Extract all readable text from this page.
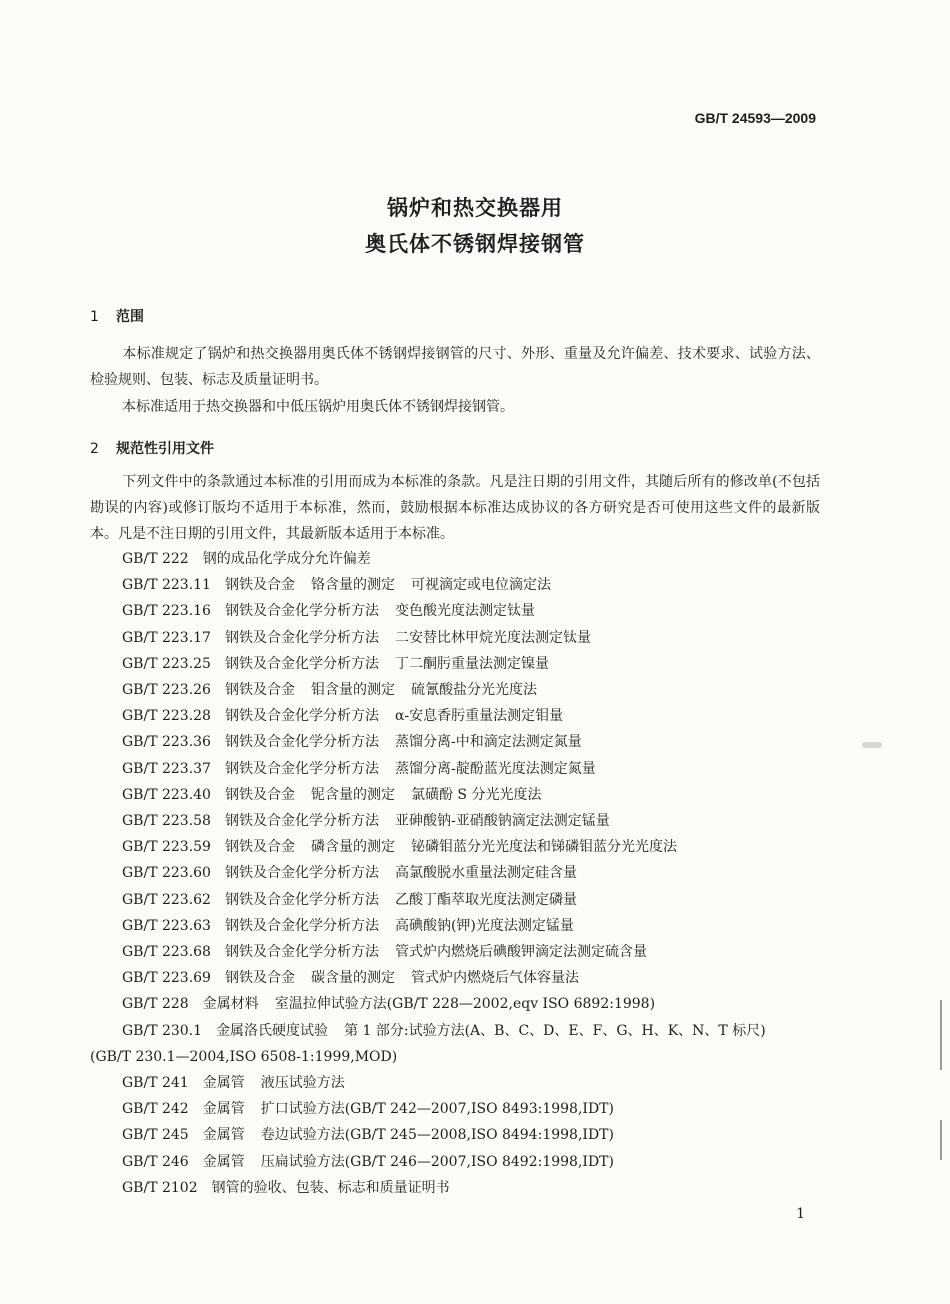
GB/T 24593—2009
锅炉和热交换器用
奥氏体不锈钢焊接钢管
1 范围

本标准规定了锅炉和热交换器用奥氏体不锈钢焊接钢管的尺寸、外形、重量及允许偏差、技术要求、试验方法、检验规则、包装、标志及质量证明书。

本标准适用于热交换器和中低压锅炉用奥氏体不锈钢焊接钢管。

2 规范性引用文件

下列文件中的条款通过本标准的引用而成为本标准的条款。凡是注日期的引用文件，其随后所有的修改单(不包括勘误的内容)或修订版均不适用于本标准，然而，鼓励根据本标准达成协议的各方研究是否可使用这些文件的最新版本。凡是不注日期的引用文件，其最新版本适用于本标准。

GB/T 222 钢的成品化学成分允许偏差
GB/T 223.11 钢铁及合金 铬含量的测定 可视滴定或电位滴定法
GB/T 223.16 钢铁及合金化学分析方法 变色酸光度法测定钛量
GB/T 223.17 钢铁及合金化学分析方法 二安替比林甲烷光度法测定钛量
GB/T 223.25 钢铁及合金化学分析方法 丁二酮肟重量法测定镍量
GB/T 223.26 钢铁及合金 钼含量的测定 硫氰酸盐分光光度法
GB/T 223.28 钢铁及合金化学分析方法 α-安息香肟重量法测定钼量
GB/T 223.36 钢铁及合金化学分析方法 蒸馏分离-中和滴定法测定氮量
GB/T 223.37 钢铁及合金化学分析方法 蒸馏分离-靛酚蓝光度法测定氮量
GB/T 223.40 钢铁及合金 铌含量的测定 氯磺酚 S 分光光度法
GB/T 223.58 钢铁及合金化学分析方法 亚砷酸钠-亚硝酸钠滴定法测定锰量
GB/T 223.59 钢铁及合金 磷含量的测定 铋磷钼蓝分光光度法和锑磷钼蓝分光光度法
GB/T 223.60 钢铁及合金化学分析方法 高氯酸脱水重量法测定硅含量
GB/T 223.62 钢铁及合金化学分析方法 乙酸丁酯萃取光度法测定磷量
GB/T 223.63 钢铁及合金化学分析方法 高碘酸钠(钾)光度法测定锰量
GB/T 223.68 钢铁及合金化学分析方法 管式炉内燃烧后碘酸钾滴定法测定硫含量
GB/T 223.69 钢铁及合金 碳含量的测定 管式炉内燃烧后气体容量法
GB/T 228 金属材料 室温拉伸试验方法(GB/T 228—2002,eqv ISO 6892:1998)
GB/T 230.1 金属洛氏硬度试验 第 1 部分:试验方法(A、B、C、D、E、F、G、H、K、N、T 标尺)
(GB/T 230.1—2004,ISO 6508-1:1999,MOD)
GB/T 241 金属管 液压试验方法
GB/T 242 金属管 扩口试验方法(GB/T 242—2007,ISO 8493:1998,IDT)
GB/T 245 金属管 卷边试验方法(GB/T 245—2008,ISO 8494:1998,IDT)
GB/T 246 金属管 压扁试验方法(GB/T 246—2007,ISO 8492:1998,IDT)
GB/T 2102 钢管的验收、包装、标志和质量证明书
1
